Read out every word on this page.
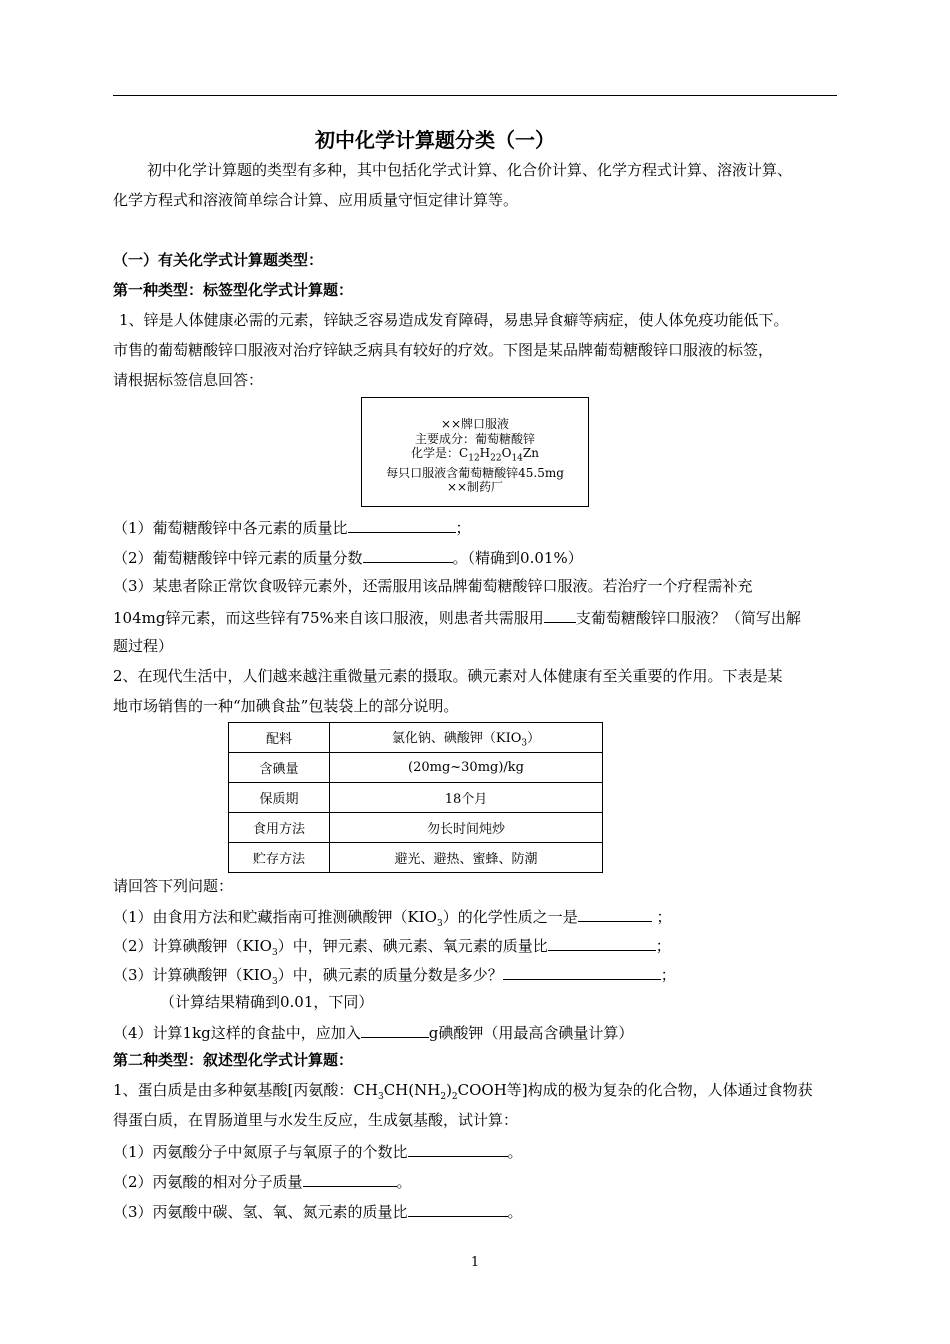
初中化学计算题分类（一）
初中化学计算题的类型有多种，其中包括化学式计算、化合价计算、化学方程式计算、溶液计算、
化学方程式和溶液简单综合计算、应用质量守恒定律计算等。
（一）有关化学式计算题类型：
第一种类型：标签型化学式计算题：
1、锌是人体健康必需的元素，锌缺乏容易造成发育障碍，易患异食癖等病症，使人体免疫功能低下。
市售的葡萄糖酸锌口服液对治疗锌缺乏病具有较好的疗效。下图是某品牌葡萄糖酸锌口服液的标签，
请根据标签信息回答：
××牌口服液
主要成分：葡萄糖酸锌
化学是：$C_{12}H_{22}O_{14}Zn$
每只口服液含葡萄糖酸锌45.5mg
××制药厂
（1）葡萄糖酸锌中各元素的质量比	；
（2）葡萄糖酸锌中锌元素的质量分数	。（精确到0.01%）
（3）某患者除正常饮食吸锌元素外，还需服用该品牌葡萄糖酸锌口服液。若治疗一个疗程需补充
104mg锌元素，而这些锌有75%来自该口服液，则患者共需服用 支葡萄糖酸锌口服液？（简写出解
题过程）
2、在现代生活中，人们越来越注重微量元素的摄取。碘元素对人体健康有至关重要的作用。下表是某
地市场销售的一种“加碘食盐”包装袋上的部分说明。
配料	氯化钠、碘酸钾$(KIO_3)$
含碘量	(20mg~30mg)/kg
保质期	18个月
食用方法	勿长时间炖炒
贮存方法	避光、避热、蜜蜂、防潮
请回答下列问题：
（1）由食用方法和贮藏指南可推测碘酸钾$(KIO_3)$的化学性质之一是	；
（2）计算碘酸钾$(KIO_3)$中，钾元素、碘元素、氧元素的质量比	；
（3）计算碘酸钾$(KIO_3)$中，碘元素的质量分数是多少？	；
（计算结果精确到0.01，下同）
（4）计算1kg这样的食盐中，应加入	g碘酸钾（用最高含碘量计算）
第二种类型：叙述型化学式计算题：
1、蛋白质是由多种氨基酸[丙氨酸：$CH_3CH(NH_2)_2COOH$等]构成的极为复杂的化合物，人体通过食物获
得蛋白质，在胃肠道里与水发生反应，生成氨基酸，试计算：
（1）丙氨酸分子中氮原子与氧原子的个数比	。
（2）丙氨酸的相对分子质量	。
（3）丙氨酸中碳、氢、氧、氮元素的质量比	。
1
